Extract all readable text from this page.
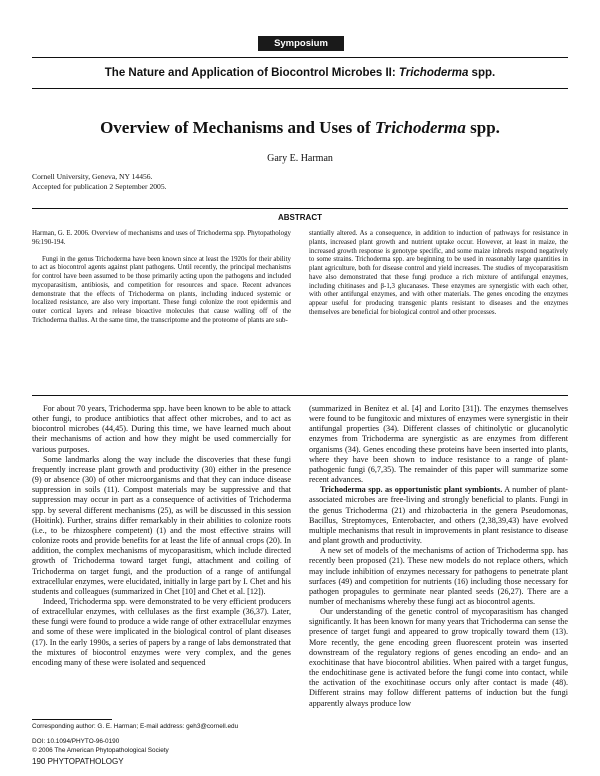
Symposium
The Nature and Application of Biocontrol Microbes II: Trichoderma spp.
Overview of Mechanisms and Uses of Trichoderma spp.
Gary E. Harman
Cornell University, Geneva, NY 14456.
Accepted for publication 2 September 2005.
ABSTRACT

Harman, G. E. 2006. Overview of mechanisms and uses of Trichoderma spp. Phytopathology 96:190-194.

Fungi in the genus Trichoderma have been known since at least the 1920s for their ability to act as biocontrol agents against plant pathogens. Until recently, the principal mechanisms for control have been assumed to be those primarily acting upon the pathogens and included mycoparasitism, antibiosis, and competition for resources and space. Recent advances demonstrate that the effects of Trichoderma on plants, including induced systemic or localized resistance, are also very important. These fungi colonize the root epidermis and outer cortical layers and release bioactive molecules that cause walling off of the Trichoderma thallus. At the same time, the transcriptome and the proteome of plants are sub-

stantially altered. As a consequence, in addition to induction of pathways for resistance in plants, increased plant growth and nutrient uptake occur. However, at least in maize, the increased growth response is genotype specific, and some maize inbreds respond negatively to some strains. Trichoderma spp. are beginning to be used in reasonably large quantities in plant agriculture, both for disease control and yield increases. The studies of mycoparasitism have also demonstrated that these fungi produce a rich mixture of antifungal enzymes, including chitinases and β-1,3 glucanases. These enzymes are synergistic with each other, with other antifungal enzymes, and with other materials. The genes encoding the enzymes appear useful for producing transgenic plants resistant to diseases and the enzymes themselves are beneficial for biological control and other processes.

For about 70 years, Trichoderma spp. have been known to be able to attack other fungi, to produce antibiotics that affect other microbes, and to act as biocontrol microbes (44,45). During this time, we have learned much about their mechanisms of action and how they might be used commercially for various purposes.

Some landmarks along the way include the discoveries that these fungi frequently increase plant growth and productivity (30) either in the presence (9) or absence (30) of other microorganisms and that they can induce disease suppression in soils (11). Compost materials may be suppressive and that suppression may occur in part as a consequence of activities of Trichoderma spp. by several different mechanisms (25), as will be discussed in this session (Hoitink). Further, strains differ remarkably in their abilities to colonize roots (i.e., to be rhizosphere competent) (1) and the most effective strains will colonize roots and provide benefits for at least the life of annual crops (20). In addition, the complex mechanisms of mycoparasitism, which include directed growth of Trichoderma toward target fungi, attachment and coiling of Trichoderma on target fungi, and the production of a range of antifungal extracellular enzymes, were elucidated, initially in large part by I. Chet and his students and colleagues (summarized in Chet [10] and Chet et al. [12]).

Indeed, Trichoderma spp. were demonstrated to be very efficient producers of extracellular enzymes, with cellulases as the first example (36,37). Later, these fungi were found to produce a wide range of other extracellular enzymes and some of these were implicated in the biological control of plant diseases (17). In the early 1990s, a series of papers by a range of labs demonstrated that the mixtures of biocontrol enzymes were very complex, and the genes encoding many of these were isolated and sequenced

(summarized in Benítez et al. [4] and Lorito [31]). The enzymes themselves were found to be fungitoxic and mixtures of enzymes were synergistic in their antifungal properties (34). Different classes of chitinolytic or glucanolytic enzymes from Trichoderma are synergistic as are enzymes from different organisms (34). Genes encoding these proteins have been inserted into plants, where they have been shown to induce resistance to a range of plant-pathogenic fungi (6,7,35). The remainder of this paper will summarize some recent advances.

Trichoderma spp. as opportunistic plant symbionts. A number of plant-associated microbes are free-living and strongly beneficial to plants. Fungi in the genus Trichoderma (21) and rhizobacteria in the genera Pseudomonas, Bacillus, Streptomyces, Enterobacter, and others (2,38,39,43) have evolved multiple mechanisms that result in improvements in plant resistance to disease and plant growth and productivity.

A new set of models of the mechanisms of action of Trichoderma spp. has recently been proposed (21). These new models do not replace others, which may include inhibition of enzymes necessary for pathogens to penetrate plant surfaces (49) and competition for nutrients (16) including those necessary for pathogen propagules to germinate near planted seeds (26,27). There are a number of mechanisms whereby these fungi act as biocontrol agents.

Our understanding of the genetic control of mycoparasitism has changed significantly. It has been known for many years that Trichoderma can sense the presence of target fungi and appeared to grow tropically toward them (13). More recently, the gene encoding green fluorescent protein was inserted downstream of the regulatory regions of genes encoding an endo- and an exochitinase that have biocontrol abilities. When paired with a target fungus, the endochitinase gene is activated before the fungi come into contact, while the activation of the exochitinase occurs only after contact is made (48). Different strains may follow different patterns of induction but the fungi apparently always produce low

Corresponding author: G. E. Harman; E-mail address: geh3@cornell.edu
DOI: 10.1094/PHYTO-96-0190
© 2006 The American Phytopathological Society
190 PHYTOPATHOLOGY
